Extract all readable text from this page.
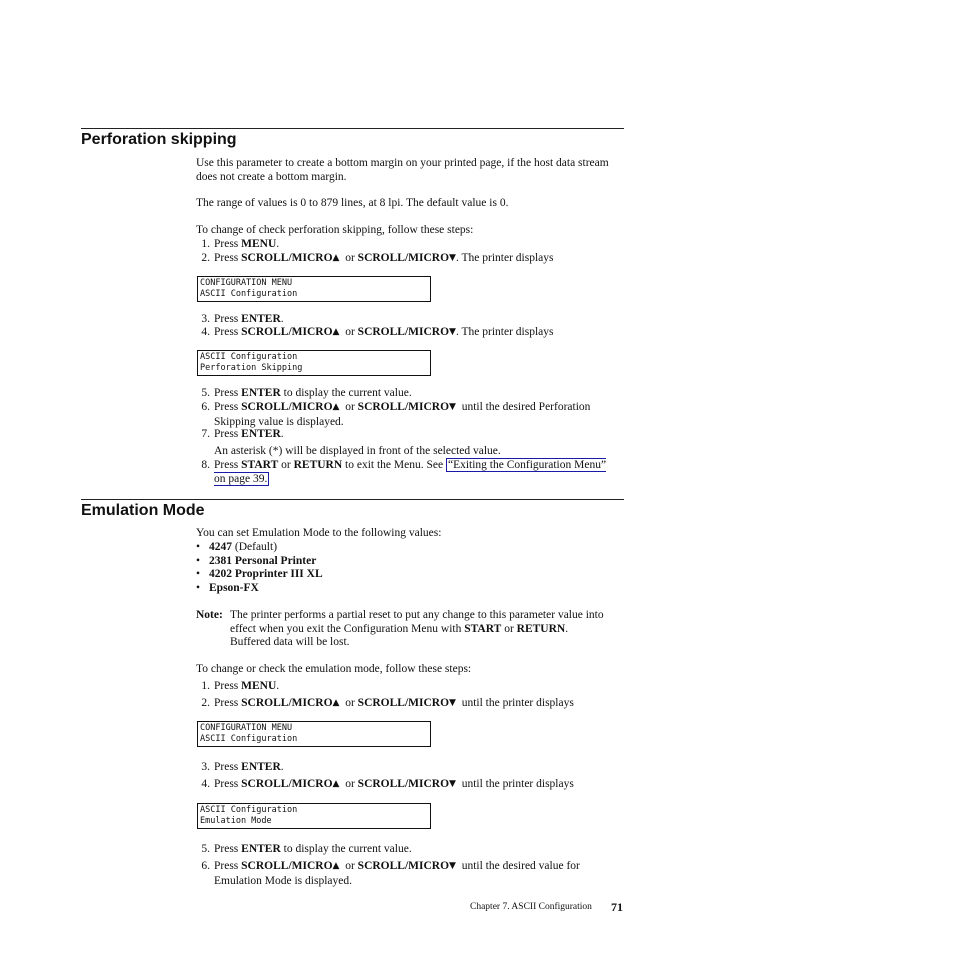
Perforation skipping

Use this parameter to create a bottom margin on your printed page, if the host data stream does not create a bottom margin.

The range of values is 0 to 879 lines, at 8 lpi. The default value is 0.

To change of check perforation skipping, follow these steps:

1. Press MENU.
2. Press SCROLL/MICRO▲  or SCROLL/MICRO▼. The printer displays
CONFIGURATION MENU
ASCII Configuration
3. Press ENTER.
4. Press SCROLL/MICRO▲  or SCROLL/MICRO▼. The printer displays
ASCII Configuration
Perforation Skipping
5. Press ENTER to display the current value.
6. Press SCROLL/MICRO▲  or SCROLL/MICRO▼  until the desired Perforation Skipping value is displayed.
7. Press ENTER.

An asterisk (*) will be displayed in front of the selected value.

8. Press START or RETURN to exit the Menu. See “Exiting the Configuration Menu” on page 39.
Emulation Mode

You can set Emulation Mode to the following values:

• 4247 (Default)
• 2381 Personal Printer
• 4202 Proprinter III XL
• Epson-FX
Note: The printer performs a partial reset to put any change to this parameter value into effect when you exit the Configuration Menu with START or RETURN. Buffered data will be lost.

To change or check the emulation mode, follow these steps:

1. Press MENU.
2. Press SCROLL/MICRO▲  or SCROLL/MICRO▼  until the printer displays
CONFIGURATION MENU
ASCII Configuration
3. Press ENTER.
4. Press SCROLL/MICRO▲  or SCROLL/MICRO▼  until the printer displays
ASCII Configuration
Emulation Mode
5. Press ENTER to display the current value.
6. Press SCROLL/MICRO▲  or SCROLL/MICRO▼  until the desired value for Emulation Mode is displayed.
Chapter 7. ASCII Configuration 71
